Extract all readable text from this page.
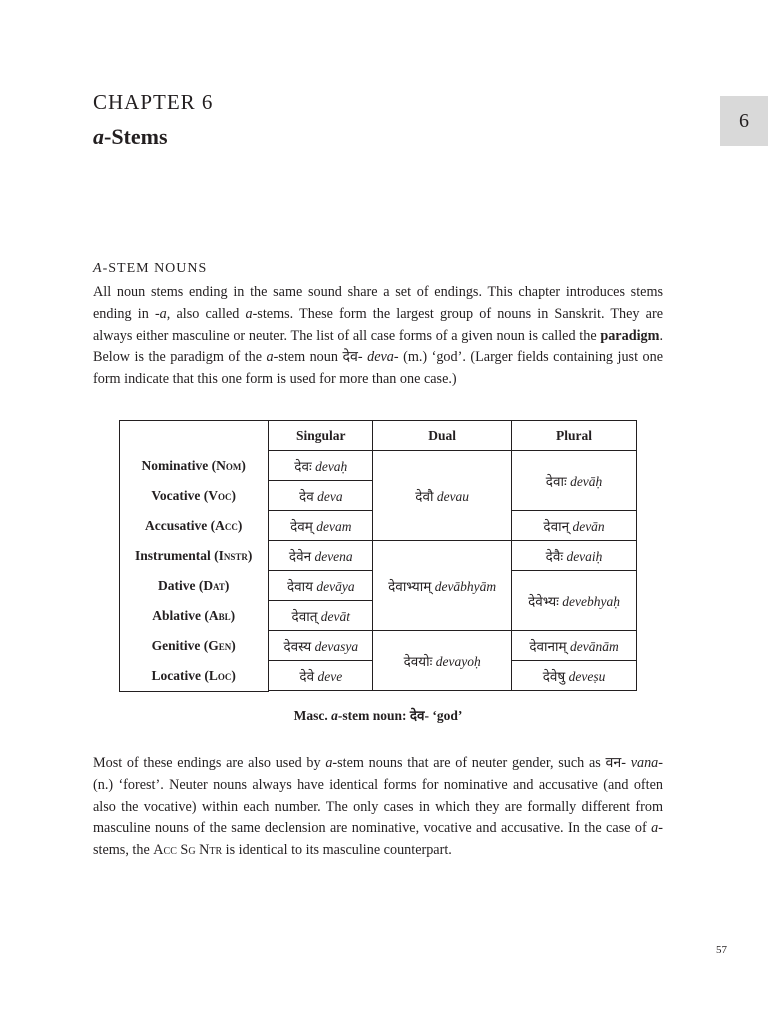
CHAPTER 6
a-Stems
6
A-STEM NOUNS
All noun stems ending in the same sound share a set of endings. This chapter introduces stems ending in -a, also called a-stems. These form the largest group of nouns in Sanskrit. They are always either masculine or neuter. The list of all case forms of a given noun is called the paradigm. Below is the paradigm of the a-stem noun देव- deva- (m.) ‘god’. (Larger fields containing just one form indicate that this one form is used for more than one case.)
	Singular	Dual	Plural
Nominative (Nom)	देवः devaḥ	देवौ devau	देवाः devāḥ
Vocative (Voc)	देव deva		
Accusative (Acc)	देवम् devam		देवान् devān
Instrumental (Instr)	देवेन devena	देवाभ्याम् devābhyām	देवैः devaiḥ
Dative (Dat)	देवाय devāya		देवेभ्यः devebhyaḥ
Ablative (Abl)	देवात् devāt		
Genitive (Gen)	देवस्य devasya	देवयोः devayoḥ	देवानाम् devānām
Locative (Loc)	देवे deve		देवेषु deveṣu
Masc. a-stem noun: देव- ‘god’
Most of these endings are also used by a-stem nouns that are of neuter gender, such as वन- vana- (n.) ‘forest’. Neuter nouns always have identical forms for nominative and accusative (and often also the vocative) within each number. The only cases in which they are formally different from masculine nouns of the same declension are nominative, vocative and accusative. In the case of a-stems, the Acc Sg Ntr is identical to its masculine counterpart.
57
